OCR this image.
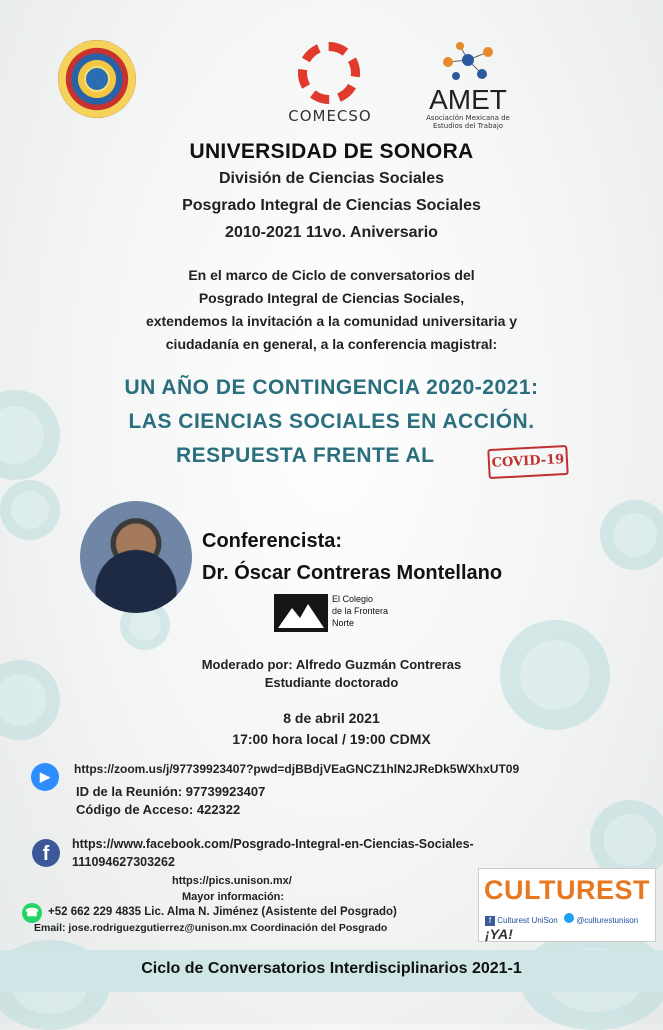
COMECSO
AMET
Asociación Mexicana de Estudios del Trabajo
UNIVERSIDAD DE SONORA
División de Ciencias Sociales
Posgrado Integral de Ciencias Sociales
2010-2021 11vo. Aniversario
En el marco de Ciclo de conversatorios del
Posgrado Integral de Ciencias Sociales,
extendemos la invitación a la comunidad universitaria y
ciudadanía en general, a la conferencia magistral:
UN AÑO DE CONTINGENCIA 2020-2021:
LAS CIENCIAS SOCIALES EN ACCIÓN.
RESPUESTA FRENTE AL	COVID-19
Conferencista:
Dr. Óscar Contreras Montellano
El Colegio
de la Frontera
Norte
Moderado por: Alfredo Guzmán Contreras
Estudiante doctorado
8 de abril 2021
17:00 hora local / 19:00 CDMX
▶	https://zoom.us/j/97739923407?pwd=djBBdjVEaGNCZ1hlN2JReDk5WXhxUT09
ID de la Reunión: 97739923407
Código de Acceso: 422322
f	https://www.facebook.com/Posgrado-Integral-en-Ciencias-Sociales-
111094627303262
https://pics.unison.mx/
Mayor información:
☎ +52 662 229 4835 Lic. Alma N. Jiménez (Asistente del Posgrado)
Email: jose.rodriguezgutierrez@unison.mx Coordinación del Posgrado
CULTUREST
f Culturest UniSon @culturestunison ¡YA!
Ciclo de Conversatorios Interdisciplinarios 2021-1
